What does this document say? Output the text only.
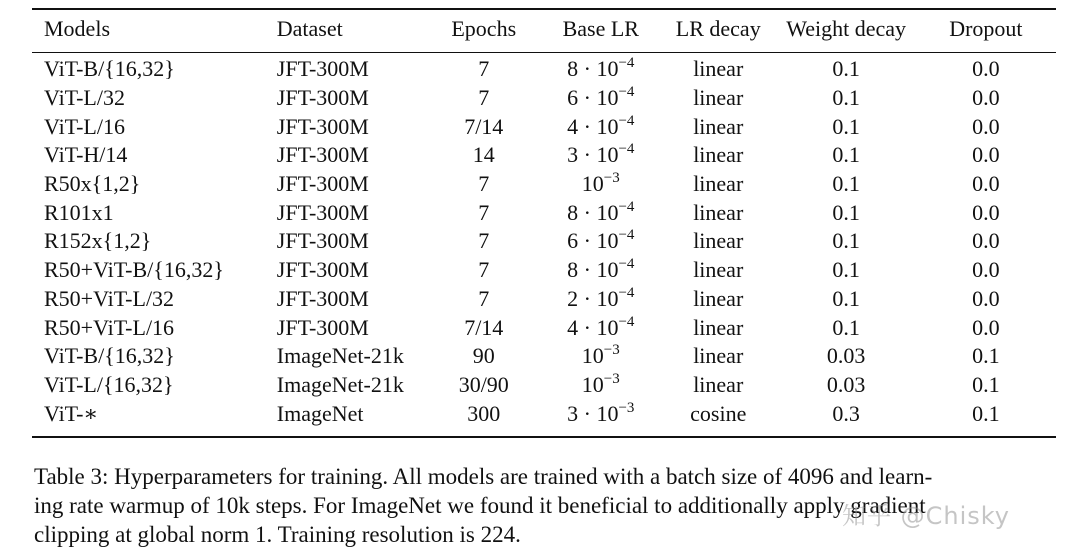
Models	Dataset	Epochs	Base LR	LR decay	Weight decay	Dropout
ViT-B/{16,32}	JFT-300M	7	$8 \cdot 10^{-4}$	linear	0.1	0.0
ViT-L/32	JFT-300M	7	$6 \cdot 10^{-4}$	linear	0.1	0.0
ViT-L/16	JFT-300M	7/14	$4 \cdot 10^{-4}$	linear	0.1	0.0
ViT-H/14	JFT-300M	14	$3 \cdot 10^{-4}$	linear	0.1	0.0
R50x{1,2}	JFT-300M	7	$10^{-3}$	linear	0.1	0.0
R101x1	JFT-300M	7	$8 \cdot 10^{-4}$	linear	0.1	0.0
R152x{1,2}	JFT-300M	7	$6 \cdot 10^{-4}$	linear	0.1	0.0
R50+ViT-B/{16,32}	JFT-300M	7	$8 \cdot 10^{-4}$	linear	0.1	0.0
R50+ViT-L/32	JFT-300M	7	$2 \cdot 10^{-4}$	linear	0.1	0.0
R50+ViT-L/16	JFT-300M	7/14	$4 \cdot 10^{-4}$	linear	0.1	0.0
ViT-B/{16,32}	ImageNet-21k	90	$10^{-3}$	linear	0.03	0.1
ViT-L/{16,32}	ImageNet-21k	30/90	$10^{-3}$	linear	0.03	0.1
ViT-∗	ImageNet	300	$3 \cdot 10^{-3}$	cosine	0.3	0.1
Table 3: Hyperparameters for training. All models are trained with a batch size of 4096 and learn-
ing rate warmup of 10k steps. For ImageNet we found it beneficial to additionally apply gradient
clipping at global norm 1. Training resolution is 224.
知乎 @Chisky
